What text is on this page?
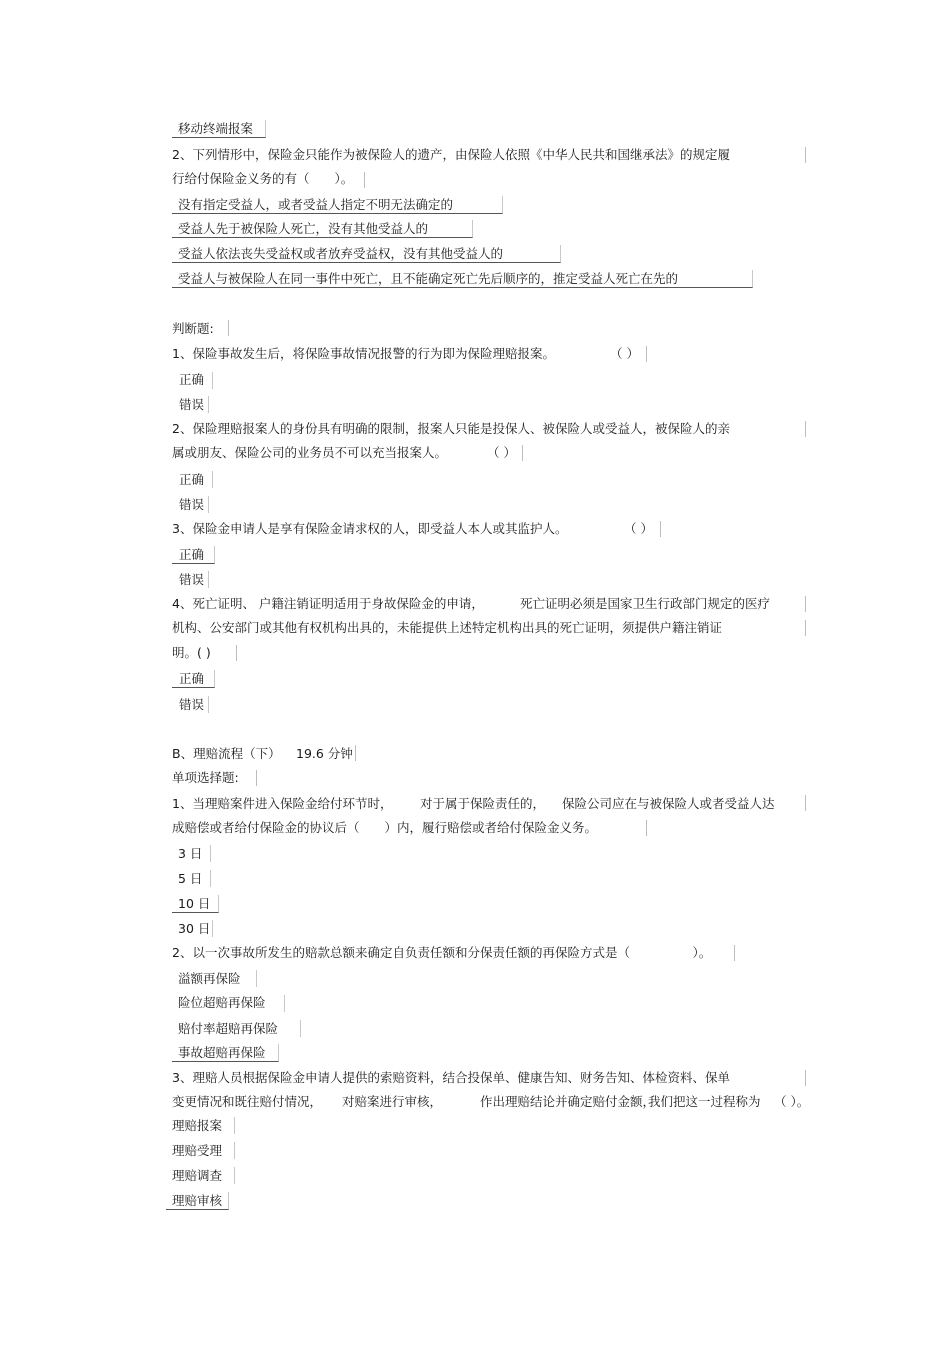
移动终端报案
2、下列情形中，保险金只能作为被保险人的遗产，由保险人依照《中华人民共和国继承法》的规定履
行给付保险金义务的有（　　）。
没有指定受益人，或者受益人指定不明无法确定的
受益人先于被保险人死亡，没有其他受益人的
受益人依法丧失受益权或者放弃受益权，没有其他受益人的
受益人与被保险人在同一事件中死亡，且不能确定死亡先后顺序的，推定受益人死亡在先的
判断题:
1、保险事故发生后，将保险事故情况报警的行为即为保险理赔报案。	（ ）
正确
错误
2、保险理赔报案人的身份具有明确的限制，报案人只能是投保人、被保险人或受益人，被保险人的亲
属或朋友、保险公司的业务员不可以充当报案人。	（ ）
正确
错误
3、保险金申请人是享有保险金请求权的人，即受益人本人或其监护人。	（ ）
正确
错误
4、死亡证明、 户籍注销证明适用于身故保险金的申请，	死亡证明必须是国家卫生行政部门规定的医疗
机构、公安部门或其他有权机构出具的，未能提供上述特定机构出具的死亡证明，须提供户籍注销证
明。( )
正确
错误
B、理赔流程（下） 19.6 分钟
单项选择题:
1、当理赔案件进入保险金给付环节时， 对于属于保险责任的， 保险公司应在与被保险人或者受益人达
成赔偿或者给付保险金的协议后（　　）内，履行赔偿或者给付保险金义务。
3 日
5 日
10 日
30 日
2、以一次事故所发生的赔款总额来确定自负责任额和分保责任额的再保险方式是（　　　　　）。
溢额再保险
险位超赔再保险
赔付率超赔再保险
事故超赔再保险
3、理赔人员根据保险金申请人提供的索赔资料，结合投保单、健康告知、财务告知、体检资料、保单
变更情况和既往赔付情况， 对赔案进行审核，	作出理赔结论并确定赔付金额，
我们把这一过程称为 （ ）。
理赔报案
理赔受理
理赔调查
理赔审核
